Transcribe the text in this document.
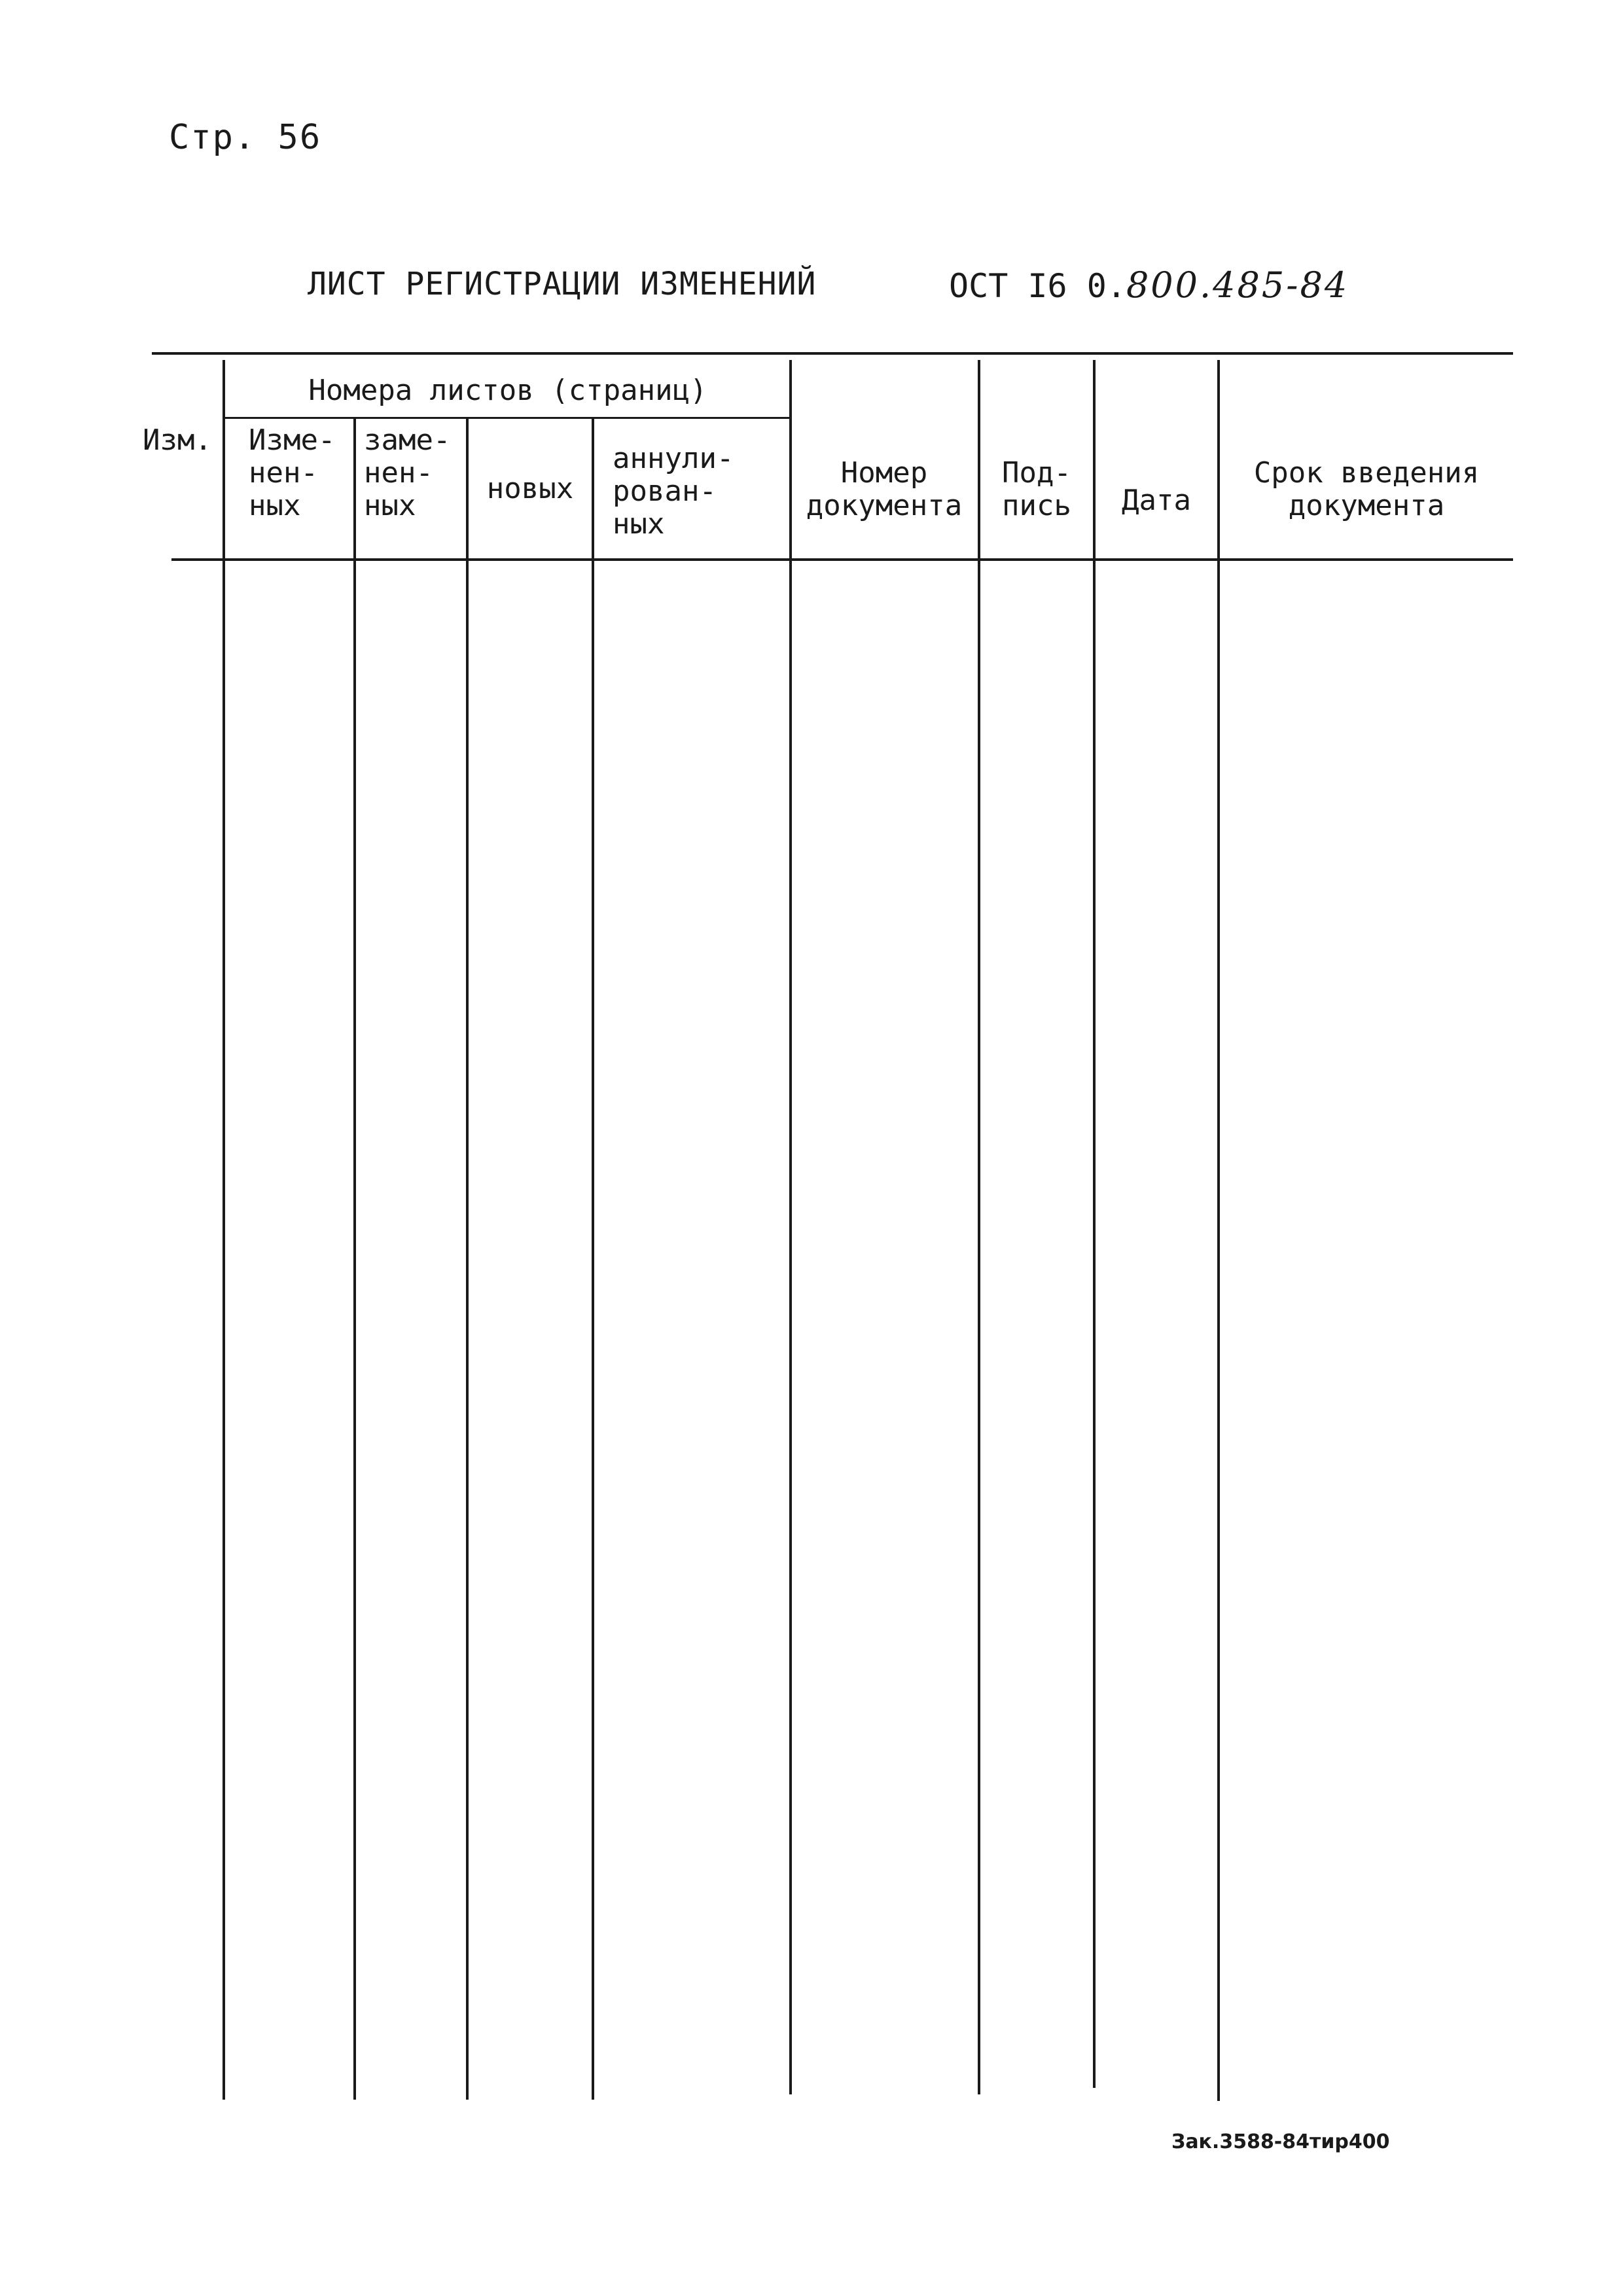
Стр. 56
ЛИСТ РЕГИСТРАЦИИ ИЗМЕНЕНИЙ	ОСТ I6 0.800.485-84
Изм.
Номера листов (страниц)
Изме-
нен-
ных
заме-
нен-
ных
новых
аннули-
рован-
ных
Номер
документа
Под-
пись	Дата
Срок введения
документа
Зак.3588-84тир400
